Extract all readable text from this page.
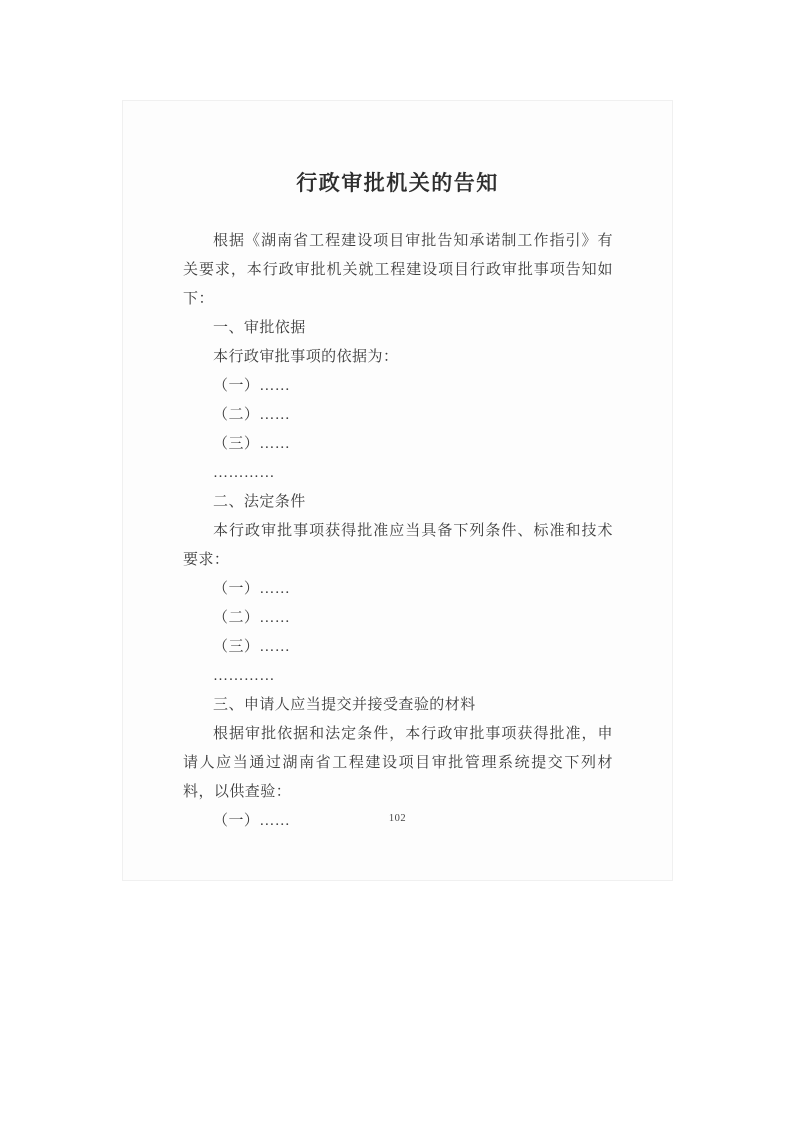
行政审批机关的告知

根据《湖南省工程建设项目审批告知承诺制工作指引》有关要求，本行政审批机关就工程建设项目行政审批事项告知如下：

一、审批依据

本行政审批事项的依据为：

（一）……

（二）……

（三）……

…………

二、法定条件

本行政审批事项获得批准应当具备下列条件、标准和技术要求：

（一）……

（二）……

（三）……

…………

三、申请人应当提交并接受查验的材料

根据审批依据和法定条件，本行政审批事项获得批准，申请人应当通过湖南省工程建设项目审批管理系统提交下列材料，以供查验：

（一）……	102
